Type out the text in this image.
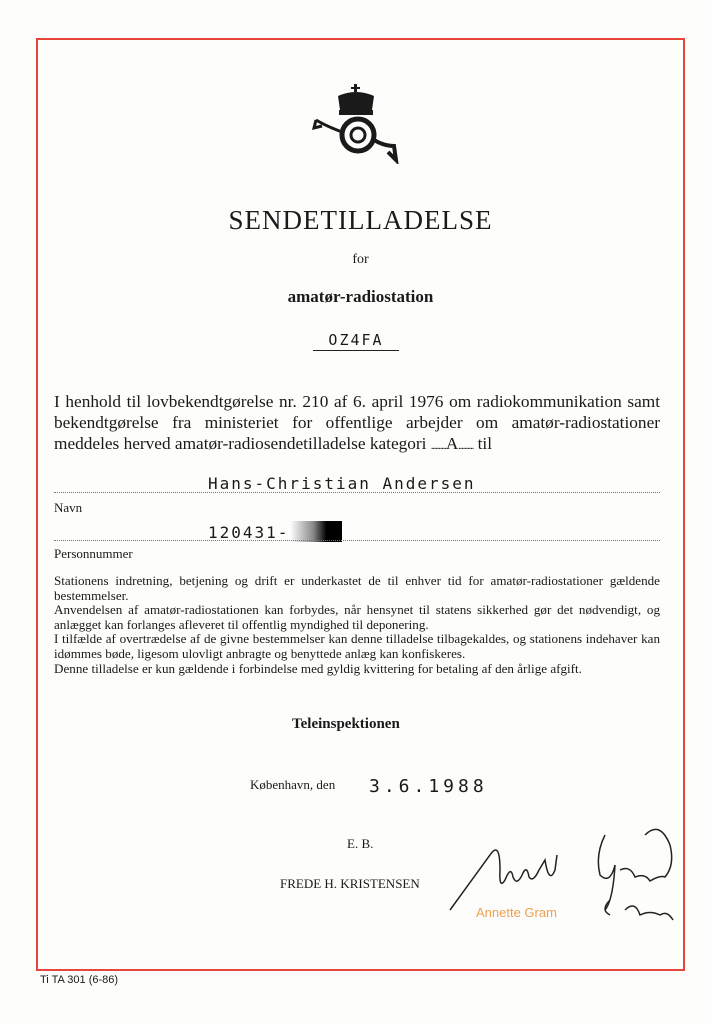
SENDETILLADELSE
for
amatør-radiostation
OZ4FA
I henhold til lovbekendtgørelse nr. 210 af 6. april 1976 om radiokommunikation samt bekendtgørelse fra ministeriet for offentlige arbejder om amatør-radiostationer meddeles herved amatør-radiosendetilladelse kategori ..........A.......... til
Hans-Christian Andersen
Navn
120431-
Personnummer

Stationens indretning, betjening og drift er underkastet de til enhver tid for amatør-radiostationer gældende bestemmelser.

Anvendelsen af amatør-radiostationen kan forbydes, når hensynet til statens sikkerhed gør det nødvendigt, og anlægget kan forlanges afleveret til offentlig myndighed til deponering.

I tilfælde af overtrædelse af de givne bestemmelser kan denne tilladelse tilbagekaldes, og stationens indehaver kan idømmes bøde, ligesom ulovligt anbragte og benyttede anlæg kan konfiskeres.

Denne tilladelse er kun gældende i forbindelse med gyldig kvittering for betaling af den årlige afgift.

Teleinspektionen
København, den 3.6.1988
E. B.
FREDE H. KRISTENSEN
Annette Gram
Ti TA 301 (6-86)
